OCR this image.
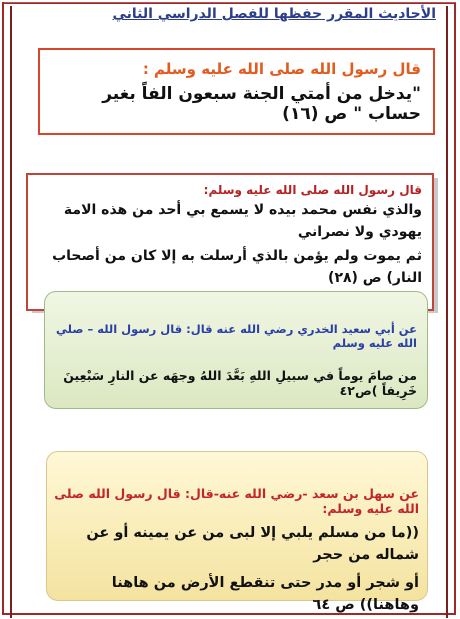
الأحاديث المقرر حفظها للفصل الدراسي الثاني
قال رسول الله صلى الله عليه وسلم :
"يدخل من أمتي الجنة سبعون الفاً بغير حساب " ص (١٦)
قال رسول الله صلى الله عليه وسلم:
والذي نفس محمد بيده لا يسمع بي أحد من هذه الامة يهودي ولا نصراني
ثم يموت ولم يؤمن بالذي أرسلت به إلا كان من أصحاب النار) ص (٢٨)
عن أبي سعيد الخدري رضي الله عنه قال: قال رسول الله – صلي الله عليه وسلم
من صامَ يوماً في سبيلِ اللهِ بَعَّدَ اللهُ وجهَه عن النارِ سَبْعِينَ خَرِيفاً )ص٤٢
عن سهل بن سعد -رضي الله عنه-قال: قال رسول الله صلى الله عليه وسلم:
((ما من مسلم يلبي إلا لبى من عن يمينه أو عن شماله من حجر
أو شجر أو مدر حتى تنقطع الأرض من هاهنا وهاهنا)) ص ٦٤
